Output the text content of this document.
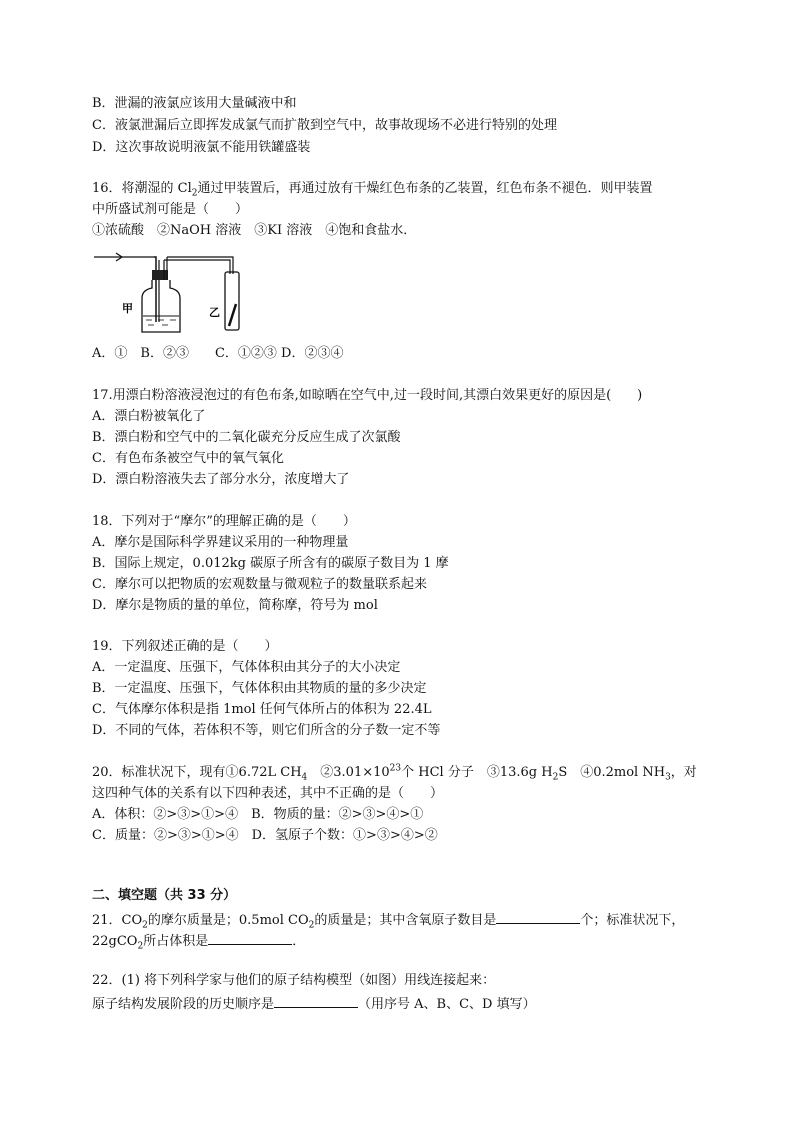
B．泄漏的液氯应该用大量碱液中和
C．液氯泄漏后立即挥发成氯气而扩散到空气中，故事故现场不必进行特别的处理
D．这次事故说明液氯不能用铁罐盛装
16．将潮湿的 $Cl_2$通过甲装置后，再通过放有干燥红色布条的乙装置，红色布条不褪色．则甲装置
中所盛试剂可能是（　　）
①浓硫酸　②NaOH 溶液　③KI 溶液　④饱和食盐水．
甲	乙
A．①　B．②③　　C．①②③ D．②③④
17.用漂白粉溶液浸泡过的有色布条,如晾晒在空气中,过一段时间,其漂白效果更好的原因是(　　)
A．漂白粉被氧化了
B．漂白粉和空气中的二氧化碳充分反应生成了次氯酸
C．有色布条被空气中的氧气氧化
D．漂白粉溶液失去了部分水分，浓度增大了
18．下列对于“摩尔”的理解正确的是（　　）
A．摩尔是国际科学界建议采用的一种物理量
B．国际上规定，0.012kg 碳原子所含有的碳原子数目为 1 摩
C．摩尔可以把物质的宏观数量与微观粒子的数量联系起来
D．摩尔是物质的量的单位，简称摩，符号为 mol
19．下列叙述正确的是（　　）
A．一定温度、压强下，气体体积由其分子的大小决定
B．一定温度、压强下，气体体积由其物质的量的多少决定
C．气体摩尔体积是指 1mol 任何气体所占的体积为 22.4L
D．不同的气体，若体积不等，则它们所含的分子数一定不等
20．标准状况下，现有①6.72L $CH_4$　$②3.01\times 10^{23}$个 HCl 分子　③13.6g $H_2S$　④0.2mol $NH_3$，对
这四种气体的关系有以下四种表述，其中不正确的是（　　）
A．体积：②>③>①>④　B．物质的量：②>③>④>①
C．质量：②>③>①>④　D．氢原子个数：①>③>④>②
二、填空题（共 33 分）
21．$CO_2$的摩尔质量是；0.5mol $CO_2$的质量是；其中含氧原子数目是	个；标准状况下，
22gCO$_2$所占体积是	．
22．(1) 将下列科学家与他们的原子结构模型（如图）用线连接起来：
原子结构发展阶段的历史顺序是	（用序号 A、B、C、D 填写）
